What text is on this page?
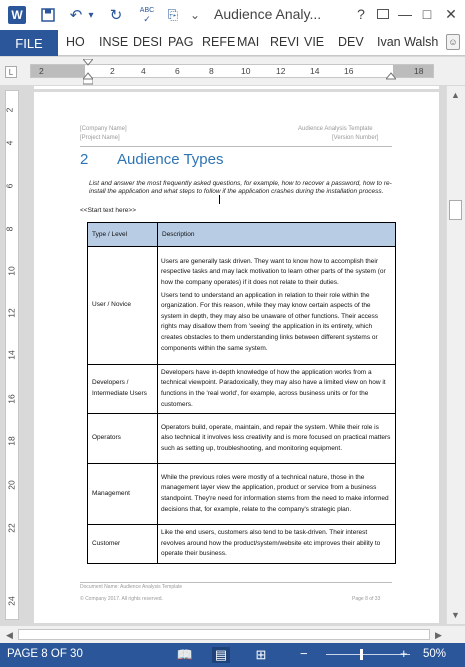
W	↶ ▾ ↻	ABC
✓ ⎘ ⌄ Audience Analy...	? — □ ✕
FILE	HO INSE DESI PAG REFE MAI REVI VIE DEV Ivan Walsh ☺
L	2	2	4	6	8	10	12	14	16	18
2
4
6
8
10
12
14
16
18
20
22
24
▲
▼
[Company Name]
[Project Name]
Audience Analysis Template
[Version Number]
2 Audience Types
List and answer the most frequently asked questions, for example, how to recover a password, how to re-install the application and what steps to follow if the application crashes during the installation process.
<<Start text here>>
Type / Level	Description
User / Novice	Users are generally task driven. They want to know how to accomplish their respective tasks and may lack motivation to learn other parts of the system (or how the company operates) if it does not relate to their duties.

Users tend to understand an application in relation to their role within the organization. For this reason, while they may know certain aspects of the system in depth, they may also be unaware of other functions. Their access rights may disallow them from 'seeing' the application in its entirety, which creates obstacles to them understanding links between different systems or components within the same system.

Developers / Intermediate Users	Developers have in-depth knowledge of how the application works from a technical viewpoint. Paradoxically, they may also have a limited view on how it functions in the 'real world', for example, across business units or for the customers.

Operators	Operators build, operate, maintain, and repair the system. While their role is also technical it involves less creativity and is more focused on practical matters such as setting up, troubleshooting, and monitoring equipment.

Management	While the previous roles were mostly of a technical nature, those in the management layer view the application, product or service from a business standpoint. They're need for information stems from the need to make informed decisions that, for example, relate to the company's strategic plan.

Customer	Like the end users, customers also tend to be task-driven. Their interest revolves around how the product/system/website etc improves their ability to operate their business.

Document Name: Audience Analysis Template
© Company 2017. All rights reserved.	Page 8 of 33
◀	▶
PAGE 8 OF 30	📖 ▤ ⊞	−	+ 50%
